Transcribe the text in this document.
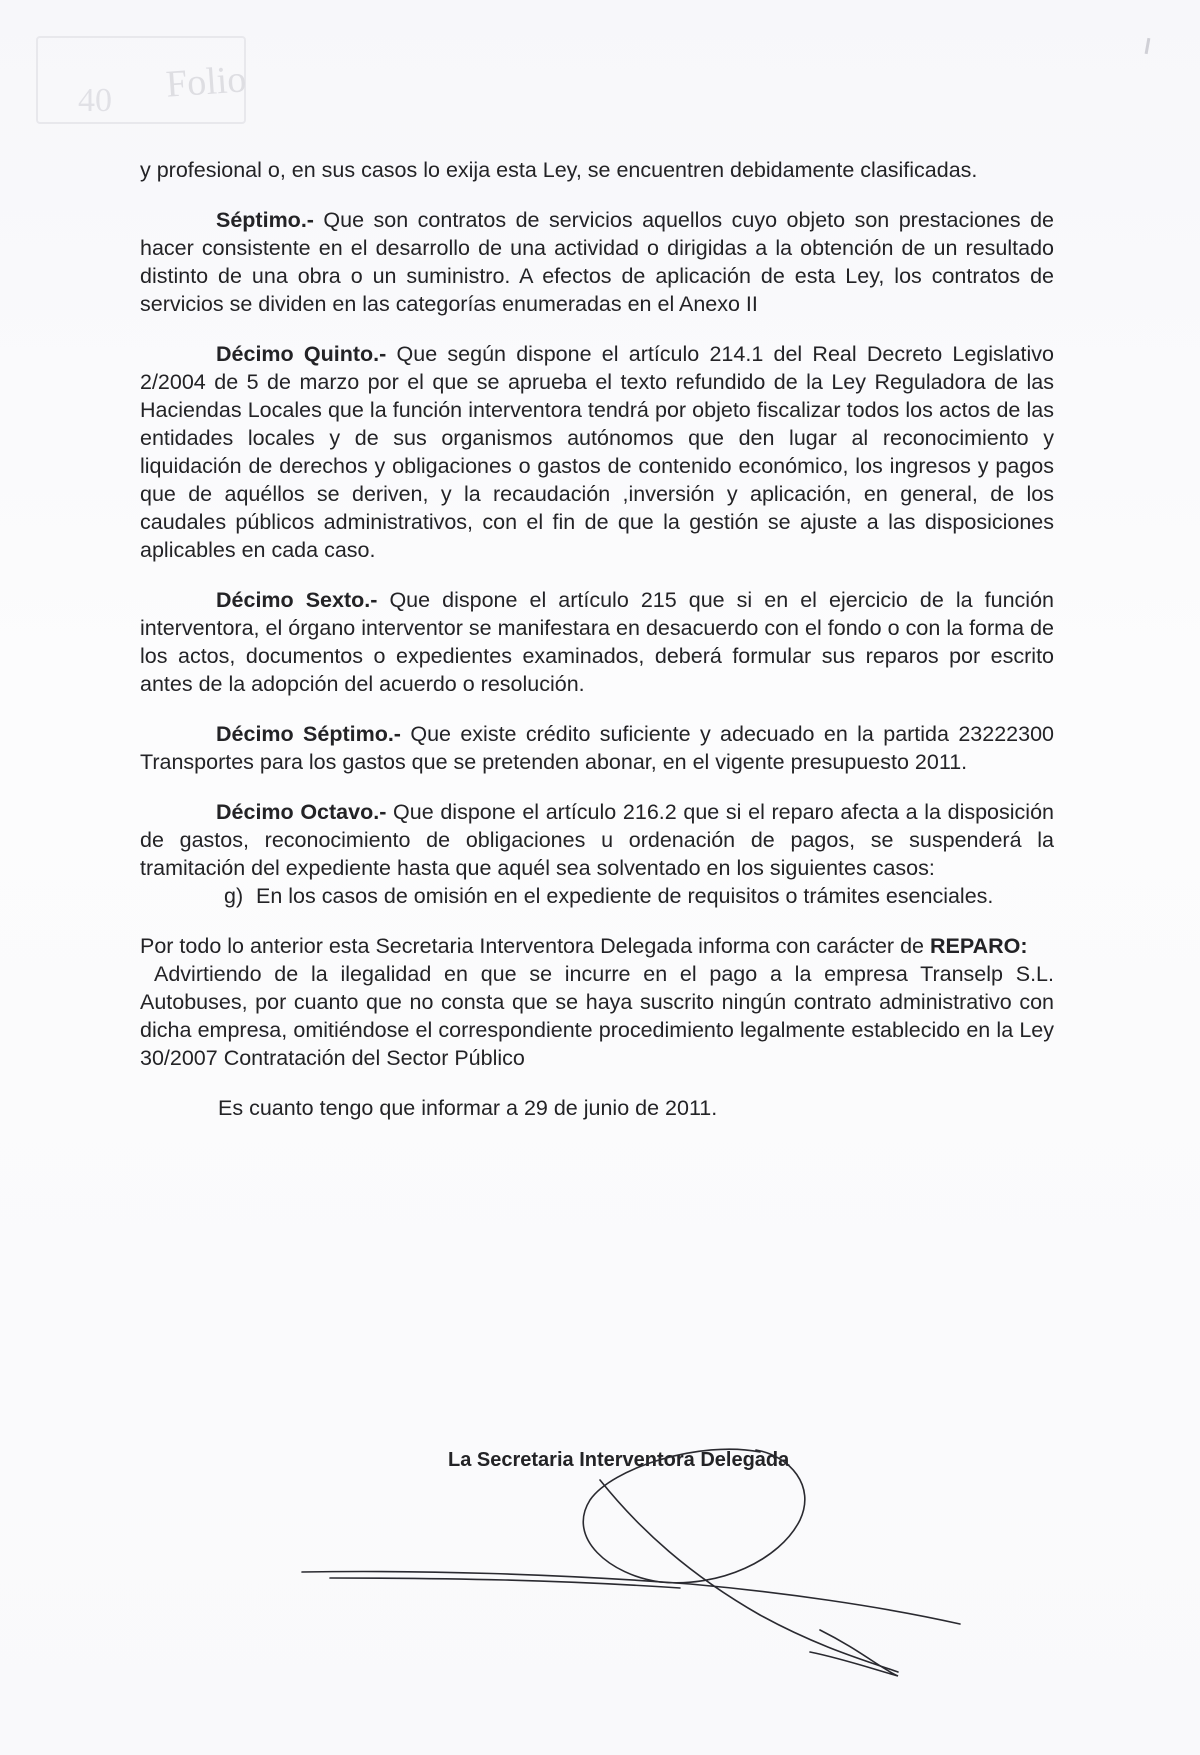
Folio
40

y profesional o, en sus casos lo exija esta Ley, se encuentren debidamente clasificadas.

Séptimo.- Que son contratos de servicios aquellos cuyo objeto son prestaciones de hacer consistente en el desarrollo de una actividad o dirigidas a la obtención de un resultado distinto de una obra o un suministro. A efectos de aplicación de esta Ley, los contratos de servicios se dividen en las categorías enumeradas en el Anexo II

Décimo Quinto.- Que según dispone el artículo 214.1 del Real Decreto Legislativo 2/2004 de 5 de marzo por el que se aprueba el texto refundido de la Ley Reguladora de las Haciendas Locales que la función interventora tendrá por objeto fiscalizar todos los actos de las entidades locales y de sus organismos autónomos que den lugar al reconocimiento y liquidación de derechos y obligaciones o gastos de contenido económico, los ingresos y pagos que de aquéllos se deriven, y la recaudación ,inversión y aplicación, en general, de los caudales públicos administrativos, con el fin de que la gestión se ajuste a las disposiciones aplicables en cada caso.

Décimo Sexto.- Que dispone el artículo 215 que si en el ejercicio de la función interventora, el órgano interventor se manifestara en desacuerdo con el fondo o con la forma de los actos, documentos o expedientes examinados, deberá formular sus reparos por escrito antes de la adopción del acuerdo o resolución.

Décimo Séptimo.- Que existe crédito suficiente y adecuado en la partida 23222300 Transportes para los gastos que se pretenden abonar, en el vigente presupuesto 2011.

Décimo Octavo.- Que dispone el artículo 216.2 que si el reparo afecta a la disposición de gastos, reconocimiento de obligaciones u ordenación de pagos, se suspenderá la tramitación del expediente hasta que aquél sea solventado en los siguientes casos:

g) En los casos de omisión en el expediente de requisitos o trámites esenciales.

Por todo lo anterior esta Secretaria Interventora Delegada informa con carácter de REPARO:

Advirtiendo de la ilegalidad en que se incurre en el pago a la empresa Transelp S.L. Autobuses, por cuanto que no consta que se haya suscrito ningún contrato administrativo con dicha empresa, omitiéndose el correspondiente procedimiento legalmente establecido en la Ley 30/2007 Contratación del Sector Público

Es cuanto tengo que informar a 29 de junio de 2011.

La Secretaria Interventora Delegada
